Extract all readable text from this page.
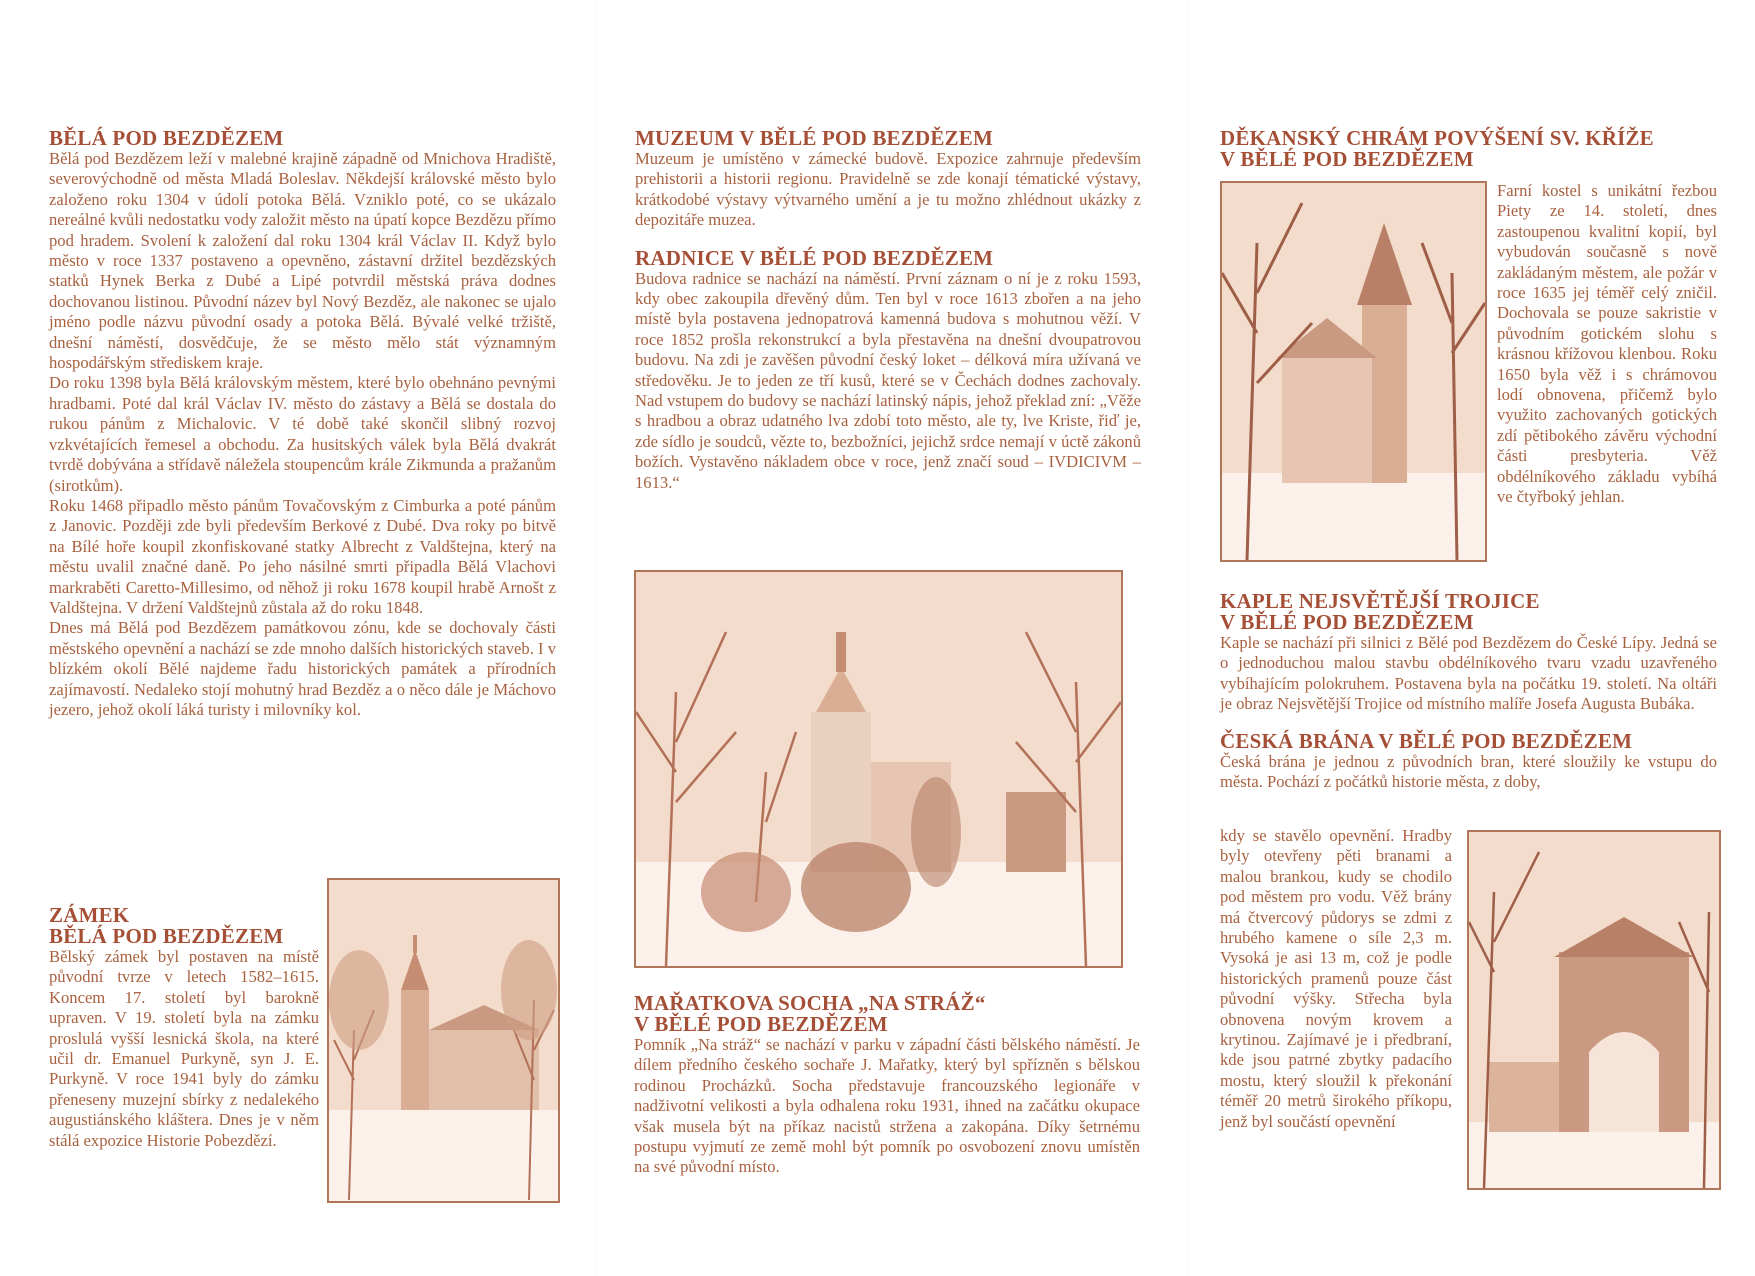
BĚLÁ POD BEZDĚZEM

Bělá pod Bezdězem leží v malebné krajině západně od Mnichova Hradiště, severovýchodně od města Mladá Boleslav. Někdejší královské město bylo založeno roku 1304 v údolí potoka Bělá. Vzniklo poté, co se ukázalo nereálné kvůli nedostatku vody založit město na úpatí kopce Bezdězu přímo pod hradem. Svolení k založení dal roku 1304 král Václav II. Když bylo město v roce 1337 postaveno a opevněno, zástavní držitel bezdězských statků Hynek Berka z Dubé a Lipé potvrdil městská práva dodnes dochovanou listinou. Původní název byl Nový Bezděz, ale nakonec se ujalo jméno podle názvu původní osady a potoka Bělá. Bývalé velké tržiště, dnešní náměstí, dosvědčuje, že se město mělo stát významným hospodářským střediskem kraje.

Do roku 1398 byla Bělá královským městem, které bylo obehnáno pevnými hradbami. Poté dal král Václav IV. město do zástavy a Bělá se dostala do rukou pánům z Michalovic. V té době také skončil slibný rozvoj vzkvétajících řemesel a obchodu. Za husitských válek byla Bělá dvakrát tvrdě dobývána a střídavě náležela stoupencům krále Zikmunda a pražanům (sirotkům).

Roku 1468 připadlo město pánům Tovačovským z Cimburka a poté pánům z Janovic. Později zde byli především Berkové z Dubé. Dva roky po bitvě na Bílé hoře koupil zkonfiskované statky Albrecht z Valdštejna, který na městu uvalil značné daně. Po jeho násilné smrti připadla Bělá Vlachovi markraběti Caretto-Millesimo, od něhož ji roku 1678 koupil hrabě Arnošt z Valdštejna. V držení Valdštejnů zůstala až do roku 1848.

Dnes má Bělá pod Bezdězem památkovou zónu, kde se dochovaly části městského opevnění a nachází se zde mnoho dalších historických staveb. I v blízkém okolí Bělé najdeme řadu historických památek a přírodních zajímavostí. Nedaleko stojí mohutný hrad Bezděz a o něco dále je Máchovo jezero, jehož okolí láká turisty i milovníky kol.

ZÁMEK
BĚLÁ POD BEZDĚZEM

Bělský zámek byl postaven na místě původní tvrze v letech 1582–1615. Koncem 17. století byl barokně upraven. V 19. století byla na zámku proslulá vyšší lesnická škola, na které učil dr. Emanuel Purkyně, syn J. E. Purkyně. V roce 1941 byly do zámku přeneseny muzejní sbírky z nedalekého augustiánského kláštera. Dnes je v něm stálá expozice Historie Pobezdězí.

MUZEUM V BĚLÉ POD BEZDĚZEM

Muzeum je umístěno v zámecké budově. Expozice zahrnuje především prehistorii a historii regionu. Pravidelně se zde konají tématické výstavy, krátkodobé výstavy výtvarného umění a je tu možno zhlédnout ukázky z depozitáře muzea.

RADNICE V BĚLÉ POD BEZDĚZEM

Budova radnice se nachází na náměstí. První záznam o ní je z roku 1593, kdy obec zakoupila dřevěný dům. Ten byl v roce 1613 zbořen a na jeho místě byla postavena jednopatrová kamenná budova s mohutnou věží. V roce 1852 prošla rekonstrukcí a byla přestavěna na dnešní dvoupatrovou budovu. Na zdi je zavěšen původní český loket – délková míra užívaná ve středověku. Je to jeden ze tří kusů, které se v Čechách dodnes zachovaly. Nad vstupem do budovy se nachází latinský nápis, jehož překlad zní: „Věže s hradbou a obraz udatného lva zdobí toto město, ale ty, lve Kriste, řiď je, zde sídlo je soudců, vězte to, bezbožníci, jejichž srdce nemají v úctě zákonů božích. Vystavěno nákladem obce v roce, jenž značí soud – IVDICIVM – 1613.“

MAŘATKOVA SOCHA „NA STRÁŽ“
V BĚLÉ POD BEZDĚZEM

Pomník „Na stráž“ se nachází v parku v západní části bělského náměstí. Je dílem předního českého sochaře J. Mařatky, který byl spřízněn s bělskou rodinou Procházků. Socha představuje francouzského legionáře v nadživotní velikosti a byla odhalena roku 1931, ihned na začátku okupace však musela být na příkaz nacistů stržena a zakopána. Díky šetrnému postupu vyjmutí ze země mohl být pomník po osvobození znovu umístěn na své původní místo.

DĚKANSKÝ CHRÁM POVÝŠENÍ SV. KŘÍŽE
V BĚLÉ POD BEZDĚZEM

Farní kostel s unikátní řezbou Piety ze 14. století, dnes zastoupenou kvalitní kopií, byl vybudován současně s nově zakládaným městem, ale požár v roce 1635 jej téměř celý zničil. Dochovala se pouze sakristie v původním gotickém slohu s krásnou křížovou klenbou. Roku 1650 byla věž i s chrámovou lodí obnovena, přičemž bylo využito zachovaných gotických zdí pětibokého závěru východní části presbyteria. Věž obdélníkového základu vybíhá ve čtyřboký jehlan.

KAPLE NEJSVĚTĚJŠÍ TROJICE
V BĚLÉ POD BEZDĚZEM

Kaple se nachází při silnici z Bělé pod Bezdězem do České Lípy. Jedná se o jednoduchou malou stavbu obdélníkového tvaru vzadu uzavřeného vybíhajícím polokruhem. Postavena byla na počátku 19. století. Na oltáři je obraz Nejsvětější Trojice od místního malíře Josefa Augusta Bubáka.

ČESKÁ BRÁNA V BĚLÉ POD BEZDĚZEM

Česká brána je jednou z původních bran, které sloužily ke vstupu do města. Pochází z počátků historie města, z doby,

kdy se stavělo opevnění. Hradby byly otevřeny pěti branami a malou brankou, kudy se chodilo pod městem pro vodu. Věž brány má čtvercový půdorys se zdmi z hrubého kamene o síle 2,3 m. Vysoká je asi 13 m, což je podle historických pramenů pouze část původní výšky. Střecha byla obnovena novým krovem a krytinou. Zajímavé je i předbraní, kde jsou patrné zbytky padacího mostu, který sloužil k překonání téměř 20 metrů širokého příkopu, jenž byl součástí opevnění
